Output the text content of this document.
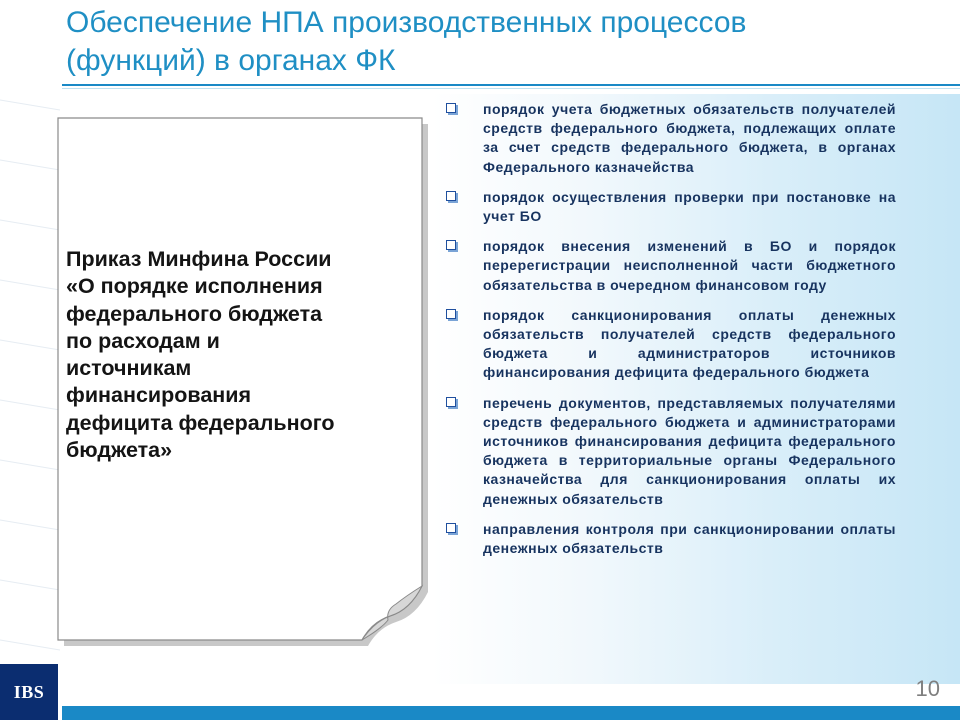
Обеспечение НПА производственных процессов
(функций) в органах ФК
Приказ Минфина России
«О порядке исполнения
федерального бюджета
по расходам и
источникам
финансирования
дефицита федерального
бюджета»
порядок учета бюджетных обязательств получателей средств федерального бюджета, подлежащих оплате за счет средств федерального бюджета, в органах Федерального казначейства
порядок осуществления проверки при постановке на учет БО
порядок внесения изменений в БО и порядок перерегистрации неисполненной части бюджетного обязательства в очередном финансовом году
порядок санкционирования оплаты денежных обязательств получателей средств федерального бюджета и администраторов источников финансирования дефицита федерального бюджета
перечень документов, представляемых получателями средств федерального бюджета и администраторами источников финансирования дефицита федерального бюджета в территориальные органы Федерального казначейства для санкционирования оплаты их денежных обязательств
направления контроля при санкционировании оплаты денежных обязательств
IBS	10
